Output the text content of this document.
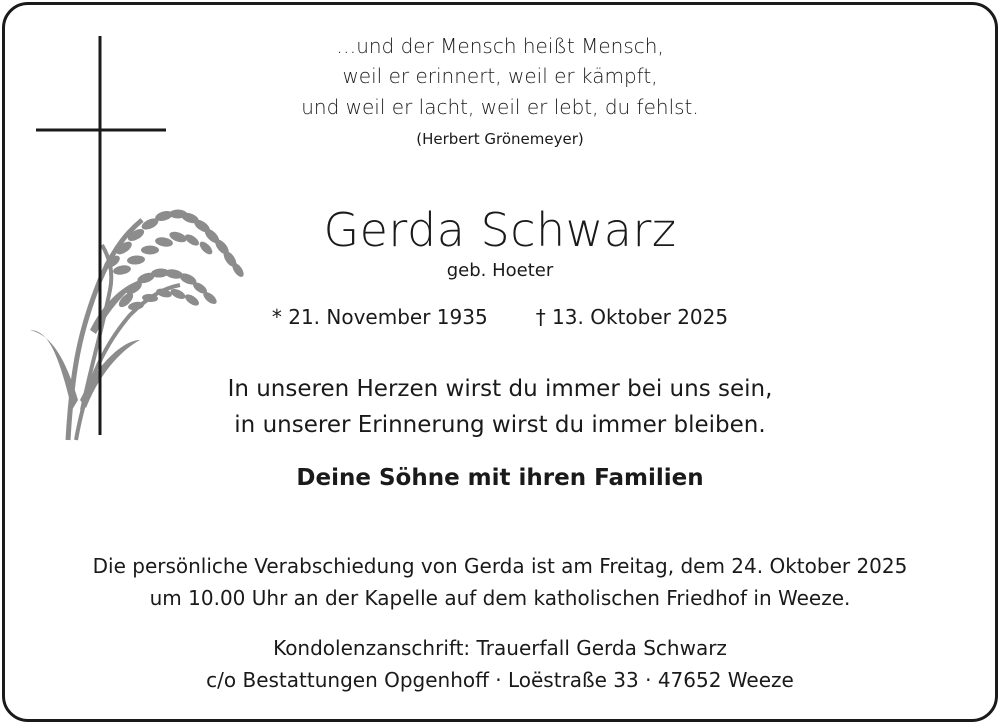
…und der Mensch heißt Mensch,
weil er erinnert, weil er kämpft,
und weil er lacht, weil er lebt, du fehlst.
(Herbert Grönemeyer)
Gerda Schwarz
geb. Hoeter
* 21. November 1935 † 13. Oktober 2025
In unseren Herzen wirst du immer bei uns sein,
in unserer Erinnerung wirst du immer bleiben.
Deine Söhne mit ihren Familien
Die persönliche Verabschiedung von Gerda ist am Freitag, dem 24. Oktober 2025
um 10.00 Uhr an der Kapelle auf dem katholischen Friedhof in Weeze.
Kondolenzanschrift: Trauerfall Gerda Schwarz
c/o Bestattungen Opgenhoff · Loëstraße 33 · 47652 Weeze
